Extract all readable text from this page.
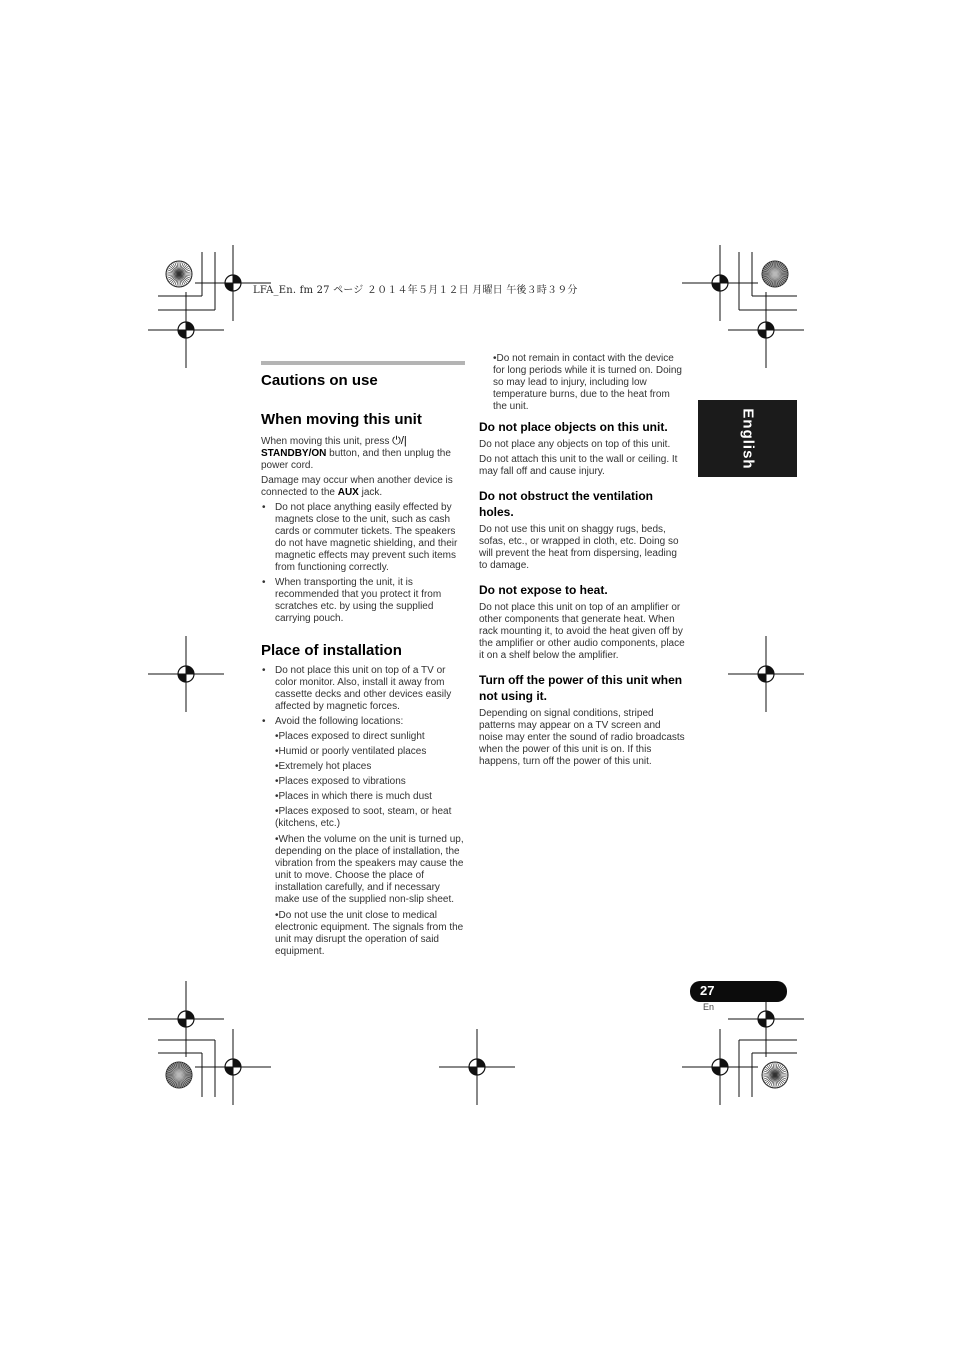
LFA_En. fm 27 ページ ２０１４年５月１２日 月曜日 午後３時３９分
Cautions on use
When moving this unit

When moving this unit, press ⏻/|
STANDBY/ON button, and then unplug the power cord.

Damage may occur when another device is connected to the AUX jack.

• Do not place anything easily effected by magnets close to the unit, such as cash cards or commuter tickets. The speakers do not have magnetic shielding, and their magnetic effects may prevent such items from functioning correctly.
• When transporting the unit, it is recommended that you protect it from scratches etc. by using the supplied carrying pouch.
Place of installation
• Do not place this unit on top of a TV or color monitor. Also, install it away from cassette decks and other devices easily affected by magnetic forces.
• Avoid the following locations:

•Places exposed to direct sunlight

•Humid or poorly ventilated places

•Extremely hot places

•Places exposed to vibrations

•Places in which there is much dust

•Places exposed to soot, steam, or heat (kitchens, etc.)

•When the volume on the unit is turned up, depending on the place of installation, the vibration from the speakers may cause the unit to move. Choose the place of installation carefully, and if necessary make use of the supplied non-slip sheet.

•Do not use the unit close to medical electronic equipment. The signals from the unit may disrupt the operation of said equipment.

•Do not remain in contact with the device for long periods while it is turned on. Doing so may lead to injury, including low temperature burns, due to the heat from the unit.

Do not place objects on this unit.

Do not place any objects on top of this unit.

Do not attach this unit to the wall or ceiling. It may fall off and cause injury.

Do not obstruct the ventilation holes.

Do not use this unit on shaggy rugs, beds, sofas, etc., or wrapped in cloth, etc. Doing so will prevent the heat from dispersing, leading to damage.

Do not expose to heat.

Do not place this unit on top of an amplifier or other components that generate heat. When rack mounting it, to avoid the heat given off by the amplifier or other audio components, place it on a shelf below the amplifier.

Turn off the power of this unit when not using it.

Depending on signal conditions, striped patterns may appear on a TV screen and noise may enter the sound of radio broadcasts when the power of this unit is on. If this happens, turn off the power of this unit.

English
27
En
